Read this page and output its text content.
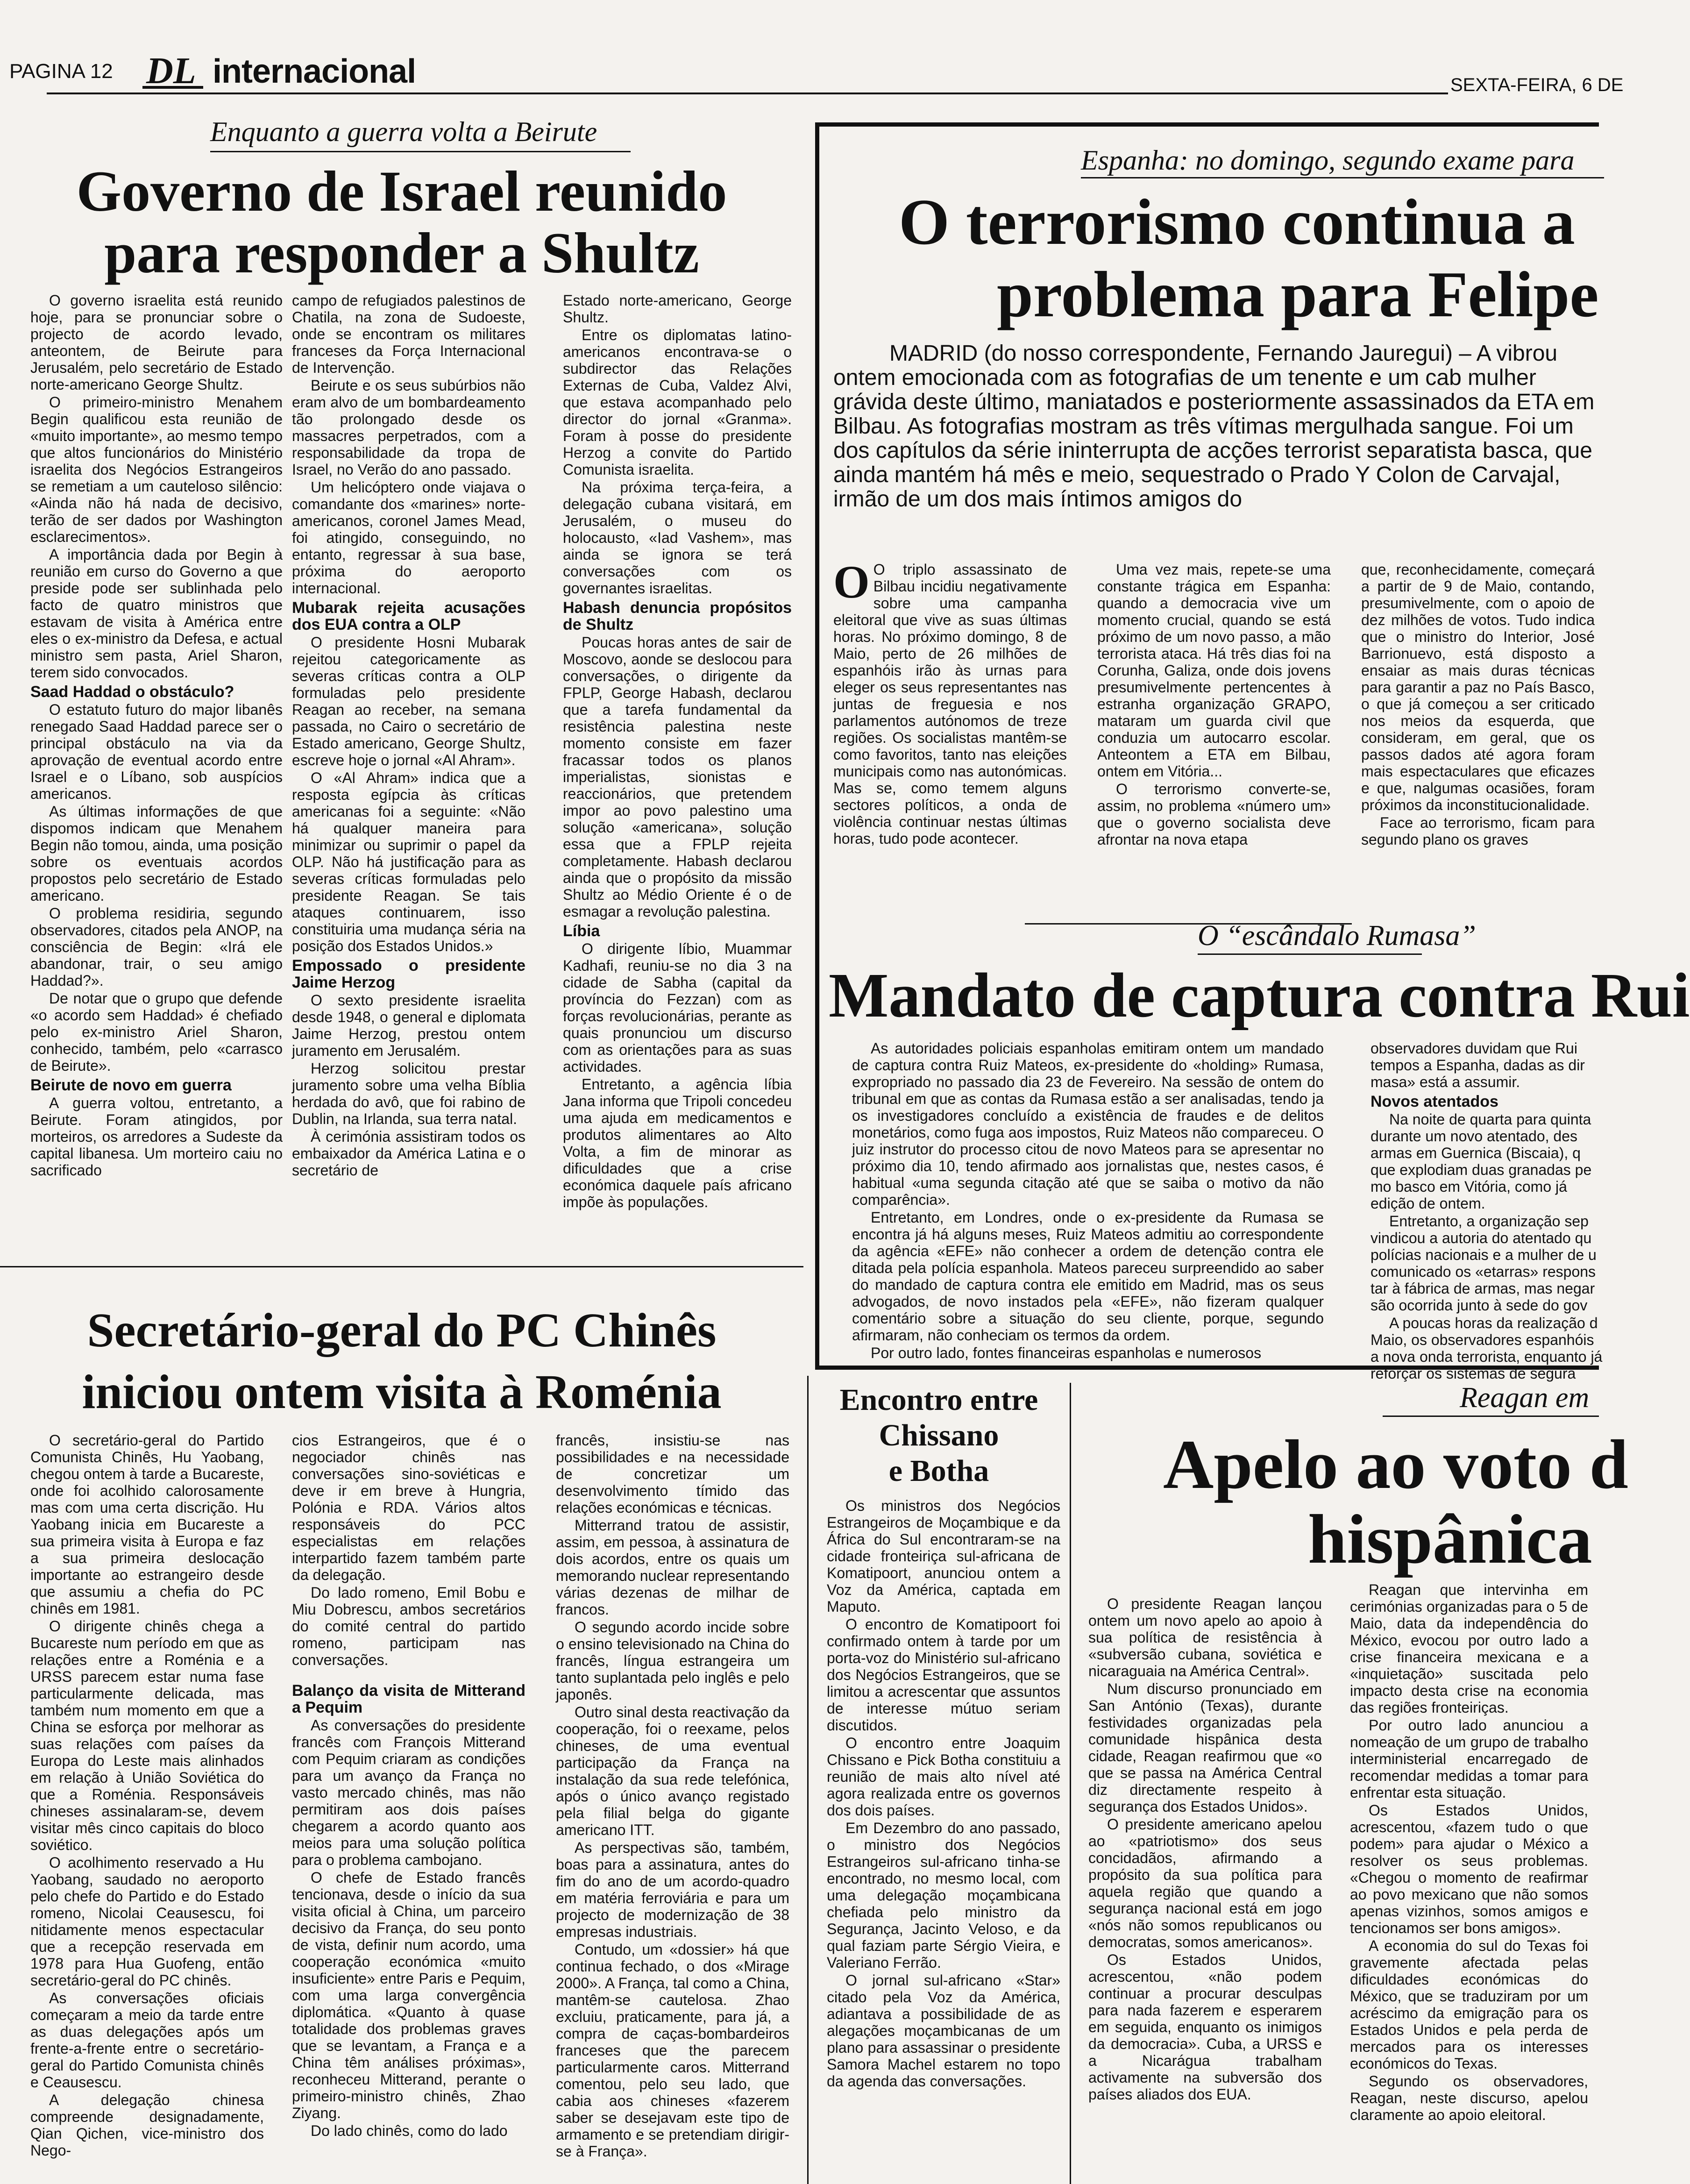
PAGINA 12 DL internacional	SEXTA-FEIRA, 6 DE
Enquanto a guerra volta a Beirute
Governo de Israel reunido
para responder a Shultz

O governo israelita está reunido hoje, para se pronunciar sobre o projecto de acordo levado, anteontem, de Beirute para Jerusalém, pelo secretário de Estado norte-americano George Shultz.

O primeiro-ministro Menahem Begin qualificou esta reunião de «muito importante», ao mesmo tempo que altos funcionários do Ministério israelita dos Negócios Estrangeiros se remetiam a um cauteloso silêncio: «Ainda não há nada de decisivo, terão de ser dados por Washington esclarecimentos».

A importância dada por Begin à reunião em curso do Governo a que preside pode ser sublinhada pelo facto de quatro ministros que estavam de visita à América entre eles o ex-ministro da Defesa, e actual ministro sem pasta, Ariel Sharon, terem sido convocados.

Saad Haddad o obstáculo?

O estatuto futuro do major libanês renegado Saad Haddad parece ser o principal obstáculo na via da aprovação de eventual acordo entre Israel e o Líbano, sob auspícios americanos.

As últimas informações de que dispomos indicam que Menahem Begin não tomou, ainda, uma posição sobre os eventuais acordos propostos pelo secretário de Estado americano.

O problema residiria, segundo observadores, citados pela ANOP, na consciência de Begin: «Irá ele abandonar, trair, o seu amigo Haddad?».

De notar que o grupo que defende «o acordo sem Haddad» é chefiado pelo ex-ministro Ariel Sharon, conhecido, também, pelo «carrasco de Beirute».

Beirute de novo em guerra

A guerra voltou, entretanto, a Beirute. Foram atingidos, por morteiros, os arredores a Sudeste da capital libanesa. Um morteiro caiu no sacrificado

campo de refugiados palestinos de Chatila, na zona de Sudoeste, onde se encontram os militares franceses da Força Internacional de Intervenção.

Beirute e os seus subúrbios não eram alvo de um bombardeamento tão prolongado desde os massacres perpetrados, com a responsabilidade da tropa de Israel, no Verão do ano passado.

Um helicóptero onde viajava o comandante dos «marines» norte-americanos, coronel James Mead, foi atingido, conseguindo, no entanto, regressar à sua base, próxima do aeroporto internacional.

Mubarak rejeita acusações dos EUA contra a OLP

O presidente Hosni Mubarak rejeitou categoricamente as severas críticas contra a OLP formuladas pelo presidente Reagan ao receber, na semana passada, no Cairo o secretário de Estado americano, George Shultz, escreve hoje o jornal «Al Ahram».

O «Al Ahram» indica que a resposta egípcia às críticas americanas foi a seguinte: «Não há qualquer maneira para minimizar ou suprimir o papel da OLP. Não há justificação para as severas críticas formuladas pelo presidente Reagan. Se tais ataques continuarem, isso constituiria uma mudança séria na posição dos Estados Unidos.»

Empossado o presidente Jaime Herzog

O sexto presidente israelita desde 1948, o general e diplomata Jaime Herzog, prestou ontem juramento em Jerusalém.

Herzog solicitou prestar juramento sobre uma velha Bíblia herdada do avô, que foi rabino de Dublin, na Irlanda, sua terra natal.

À cerimónia assistiram todos os embaixador da América Latina e o secretário de

Estado norte-americano, George Shultz.

Entre os diplomatas latino-americanos encontrava-se o subdirector das Relações Externas de Cuba, Valdez Alvi, que estava acompanhado pelo director do jornal «Granma». Foram à posse do presidente Herzog a convite do Partido Comunista israelita.

Na próxima terça-feira, a delegação cubana visitará, em Jerusalém, o museu do holocausto, «Iad Vashem», mas ainda se ignora se terá conversações com os governantes israelitas.

Habash denuncia propósitos de Shultz

Poucas horas antes de sair de Moscovo, aonde se deslocou para conversações, o dirigente da FPLP, George Habash, declarou que a tarefa fundamental da resistência palestina neste momento consiste em fazer fracassar todos os planos imperialistas, sionistas e reaccionários, que pretendem impor ao povo palestino uma solução «americana», solução essa que a FPLP rejeita completamente. Habash declarou ainda que o propósito da missão Shultz ao Médio Oriente é o de esmagar a revolução palestina.

Líbia

O dirigente líbio, Muammar Kadhafi, reuniu-se no dia 3 na cidade de Sabha (capital da província do Fezzan) com as forças revolucionárias, perante as quais pronunciou um discurso com as orientações para as suas actividades.

Entretanto, a agência líbia Jana informa que Tripoli concedeu uma ajuda em medicamentos e produtos alimentares ao Alto Volta, a fim de minorar as dificuldades que a crise económica daquele país africano impõe às populações.

Espanha: no domingo, segundo exame para
O terrorismo continua a
problema para Felipe
MADRID (do nosso correspondente, Fernando Jauregui) – A vibrou ontem emocionada com as fotografias de um tenente e um cab mulher grávida deste último, maniatados e posteriormente assassinados da ETA em Bilbau. As fotografias mostram as três vítimas mergulhada sangue. Foi um dos capítulos da série ininterrupta de acções terrorist separatista basca, que ainda mantém há mês e meio, sequestrado o Prado Y Colon de Carvajal, irmão de um dos mais íntimos amigos do

O O triplo assassinato de Bilbau incidiu negativamente sobre uma campanha eleitoral que vive as suas últimas horas. No próximo domingo, 8 de Maio, perto de 26 milhões de espanhóis irão às urnas para eleger os seus representantes nas juntas de freguesia e nos parlamentos autónomos de treze regiões. Os socialistas mantêm-se como favoritos, tanto nas eleições municipais como nas autonómicas. Mas se, como temem alguns sectores políticos, a onda de violência continuar nestas últimas horas, tudo pode acontecer.

Uma vez mais, repete-se uma constante trágica em Espanha: quando a democracia vive um momento crucial, quando se está próximo de um novo passo, a mão terrorista ataca. Há três dias foi na Corunha, Galiza, onde dois jovens presumivelmente pertencentes à estranha organização GRAPO, mataram um guarda civil que conduzia um autocarro escolar. Anteontem a ETA em Bilbau, ontem em Vitória...

O terrorismo converte-se, assim, no problema «número um» que o governo socialista deve afrontar na nova etapa

que, reconhecidamente, começará a partir de 9 de Maio, contando, presumivelmente, com o apoio de dez milhões de votos. Tudo indica que o ministro do Interior, José Barrionuevo, está disposto a ensaiar as mais duras técnicas para garantir a paz no País Basco, o que já começou a ser criticado nos meios da esquerda, que consideram, em geral, que os passos dados até agora foram mais espectaculares que eficazes e que, nalgumas ocasiões, foram próximos da inconstitucionalidade.

Face ao terrorismo, ficam para segundo plano os graves

O “escândalo Rumasa”
Mandato de captura contra Rui

As autoridades policiais espanholas emitiram ontem um mandado de captura contra Ruiz Mateos, ex-presidente do «holding» Rumasa, expropriado no passado dia 23 de Fevereiro. Na sessão de ontem do tribunal em que as contas da Rumasa estão a ser analisadas, tendo ja os investigadores concluído a existência de fraudes e de delitos monetários, como fuga aos impostos, Ruiz Mateos não compareceu. O juiz instrutor do processo citou de novo Mateos para se apresentar no próximo dia 10, tendo afirmado aos jornalistas que, nestes casos, é habitual «uma segunda citação até que se saiba o motivo da não comparência».

Entretanto, em Londres, onde o ex-presidente da Rumasa se encontra já há alguns meses, Ruiz Mateos admitiu ao correspondente da agência «EFE» não conhecer a ordem de detenção contra ele ditada pela polícia espanhola. Mateos pareceu surpreendido ao saber do mandado de captura contra ele emitido em Madrid, mas os seus advogados, de novo instados pela «EFE», não fizeram qualquer comentário sobre a situação do seu cliente, porque, segundo afirmaram, não conheciam os termos da ordem.

Por outro lado, fontes financeiras espanholas e numerosos

observadores duvidam que Rui tempos a Espanha, dadas as dir masa» está a assumir.

Novos atentados

Na noite de quarta para quinta durante um novo atentado, des armas em Guernica (Biscaia), q que explodiam duas granadas pe mo basco em Vitória, como já edição de ontem.

Entretanto, a organização sep vindicou a autoria do atentado qu polícias nacionais e a mulher de u comunicado os «etarras» respons tar à fábrica de armas, mas negar são ocorrida junto à sede do gov

A poucas horas da realização d Maio, os observadores espanhóis a nova onda terrorista, enquanto já reforçar os sistemas de segura

Secretário-geral do PC Chinês
iniciou ontem visita à Roménia

O secretário-geral do Partido Comunista Chinês, Hu Yaobang, chegou ontem à tarde a Bucareste, onde foi acolhido calorosamente mas com uma certa discrição. Hu Yaobang inicia em Bucareste a sua primeira visita à Europa e faz a sua primeira deslocação importante ao estrangeiro desde que assumiu a chefia do PC chinês em 1981.

O dirigente chinês chega a Bucareste num período em que as relações entre a Roménia e a URSS parecem estar numa fase particularmente delicada, mas também num momento em que a China se esforça por melhorar as suas relações com países da Europa do Leste mais alinhados em relação à União Soviética do que a Roménia. Responsáveis chineses assinalaram-se, devem visitar mês cinco capitais do bloco soviético.

O acolhimento reservado a Hu Yaobang, saudado no aeroporto pelo chefe do Partido e do Estado romeno, Nicolai Ceausescu, foi nitidamente menos espectacular que a recepção reservada em 1978 para Hua Guofeng, então secretário-geral do PC chinês.

As conversações oficiais começaram a meio da tarde entre as duas delegações após um frente-a-frente entre o secretário-geral do Partido Comunista chinês e Ceausescu.

A delegação chinesa compreende designadamente, Qian Qichen, vice-ministro dos Nego-

cios Estrangeiros, que é o negociador chinês nas conversações sino-soviéticas e deve ir em breve à Hungria, Polónia e RDA. Vários altos responsáveis do PCC especialistas em relações interpartido fazem também parte da delegação.

Do lado romeno, Emil Bobu e Miu Dobrescu, ambos secretários do comité central do partido romeno, participam nas conversações.

Balanço da visita de Mitterand a Pequim

As conversações do presidente francês com François Mitterand com Pequim criaram as condições para um avanço da França no vasto mercado chinês, mas não permitiram aos dois países chegarem a acordo quanto aos meios para uma solução política para o problema cambojano.

O chefe de Estado francês tencionava, desde o início da sua visita oficial à China, um parceiro decisivo da França, do seu ponto de vista, definir num acordo, uma cooperação económica «muito insuficiente» entre Paris e Pequim, com uma larga convergência diplomática. «Quanto à quase totalidade dos problemas graves que se levantam, a França e a China têm análises próximas», reconheceu Mitterand, perante o primeiro-ministro chinês, Zhao Ziyang.

Do lado chinês, como do lado

francês, insistiu-se nas possibilidades e na necessidade de concretizar um desenvolvimento tímido das relações económicas e técnicas.

Mitterrand tratou de assistir, assim, em pessoa, à assinatura de dois acordos, entre os quais um memorando nuclear representando várias dezenas de milhar de francos.

O segundo acordo incide sobre o ensino televisionado na China do francês, língua estrangeira um tanto suplantada pelo inglês e pelo japonês.

Outro sinal desta reactivação da cooperação, foi o reexame, pelos chineses, de uma eventual participação da França na instalação da sua rede telefónica, após o único avanço registado pela filial belga do gigante americano ITT.

As perspectivas são, também, boas para a assinatura, antes do fim do ano de um acordo-quadro em matéria ferroviária e para um projecto de modernização de 38 empresas industriais.

Contudo, um «dossier» há que continua fechado, o dos «Mirage 2000». A França, tal como a China, mantêm-se cautelosa. Zhao excluiu, praticamente, para já, a compra de caças-bombardeiros franceses que the parecem particularmente caros. Mitterrand comentou, pelo seu lado, que cabia aos chineses «fazerem saber se desejavam este tipo de armamento e se pretendiam dirigir-se à França».

Encontro entre
Chissano
e Botha

Os ministros dos Negócios Estrangeiros de Moçambique e da África do Sul encontraram-se na cidade fronteiriça sul-africana de Komatipoort, anunciou ontem a Voz da América, captada em Maputo.

O encontro de Komatipoort foi confirmado ontem à tarde por um porta-voz do Ministério sul-africano dos Negócios Estrangeiros, que se limitou a acrescentar que assuntos de interesse mútuo seriam discutidos.

O encontro entre Joaquim Chissano e Pick Botha constituiu a reunião de mais alto nível até agora realizada entre os governos dos dois países.

Em Dezembro do ano passado, o ministro dos Negócios Estrangeiros sul-africano tinha-se encontrado, no mesmo local, com uma delegação moçambicana chefiada pelo ministro da Segurança, Jacinto Veloso, e da qual faziam parte Sérgio Vieira, e Valeriano Ferrão.

O jornal sul-africano «Star» citado pela Voz da América, adiantava a possibilidade de as alegações moçambicanas de um plano para assassinar o presidente Samora Machel estarem no topo da agenda das conversações.

Reagan em
Apelo ao voto d
hispânica

O presidente Reagan lançou ontem um novo apelo ao apoio à sua política de resistência à «subversão cubana, soviética e nicaraguaia na América Central».

Num discurso pronunciado em San António (Texas), durante festividades organizadas pela comunidade hispânica desta cidade, Reagan reafirmou que «o que se passa na América Central diz directamente respeito à segurança dos Estados Unidos».

O presidente americano apelou ao «patriotismo» dos seus concidadãos, afirmando a propósito da sua política para aquela região que quando a segurança nacional está em jogo «nós não somos republicanos ou democratas, somos americanos».

Os Estados Unidos, acrescentou, «não podem continuar a procurar desculpas para nada fazerem e esperarem em seguida, enquanto os inimigos da democracia». Cuba, a URSS e a Nicarágua trabalham activamente na subversão dos países aliados dos EUA.

Reagan que intervinha em cerimónias organizadas para o 5 de Maio, data da independência do México, evocou por outro lado a crise financeira mexicana e a «inquietação» suscitada pelo impacto desta crise na economia das regiões fronteiriças.

Por outro lado anunciou a nomeação de um grupo de trabalho interministerial encarregado de recomendar medidas a tomar para enfrentar esta situação.

Os Estados Unidos, acrescentou, «fazem tudo o que podem» para ajudar o México a resolver os seus problemas. «Chegou o momento de reafirmar ao povo mexicano que não somos apenas vizinhos, somos amigos e tencionamos ser bons amigos».

A economia do sul do Texas foi gravemente afectada pelas dificuldades económicas do México, que se traduziram por um acréscimo da emigração para os Estados Unidos e pela perda de mercados para os interesses económicos do Texas.

Segundo os observadores, Reagan, neste discurso, apelou claramente ao apoio eleitoral.
